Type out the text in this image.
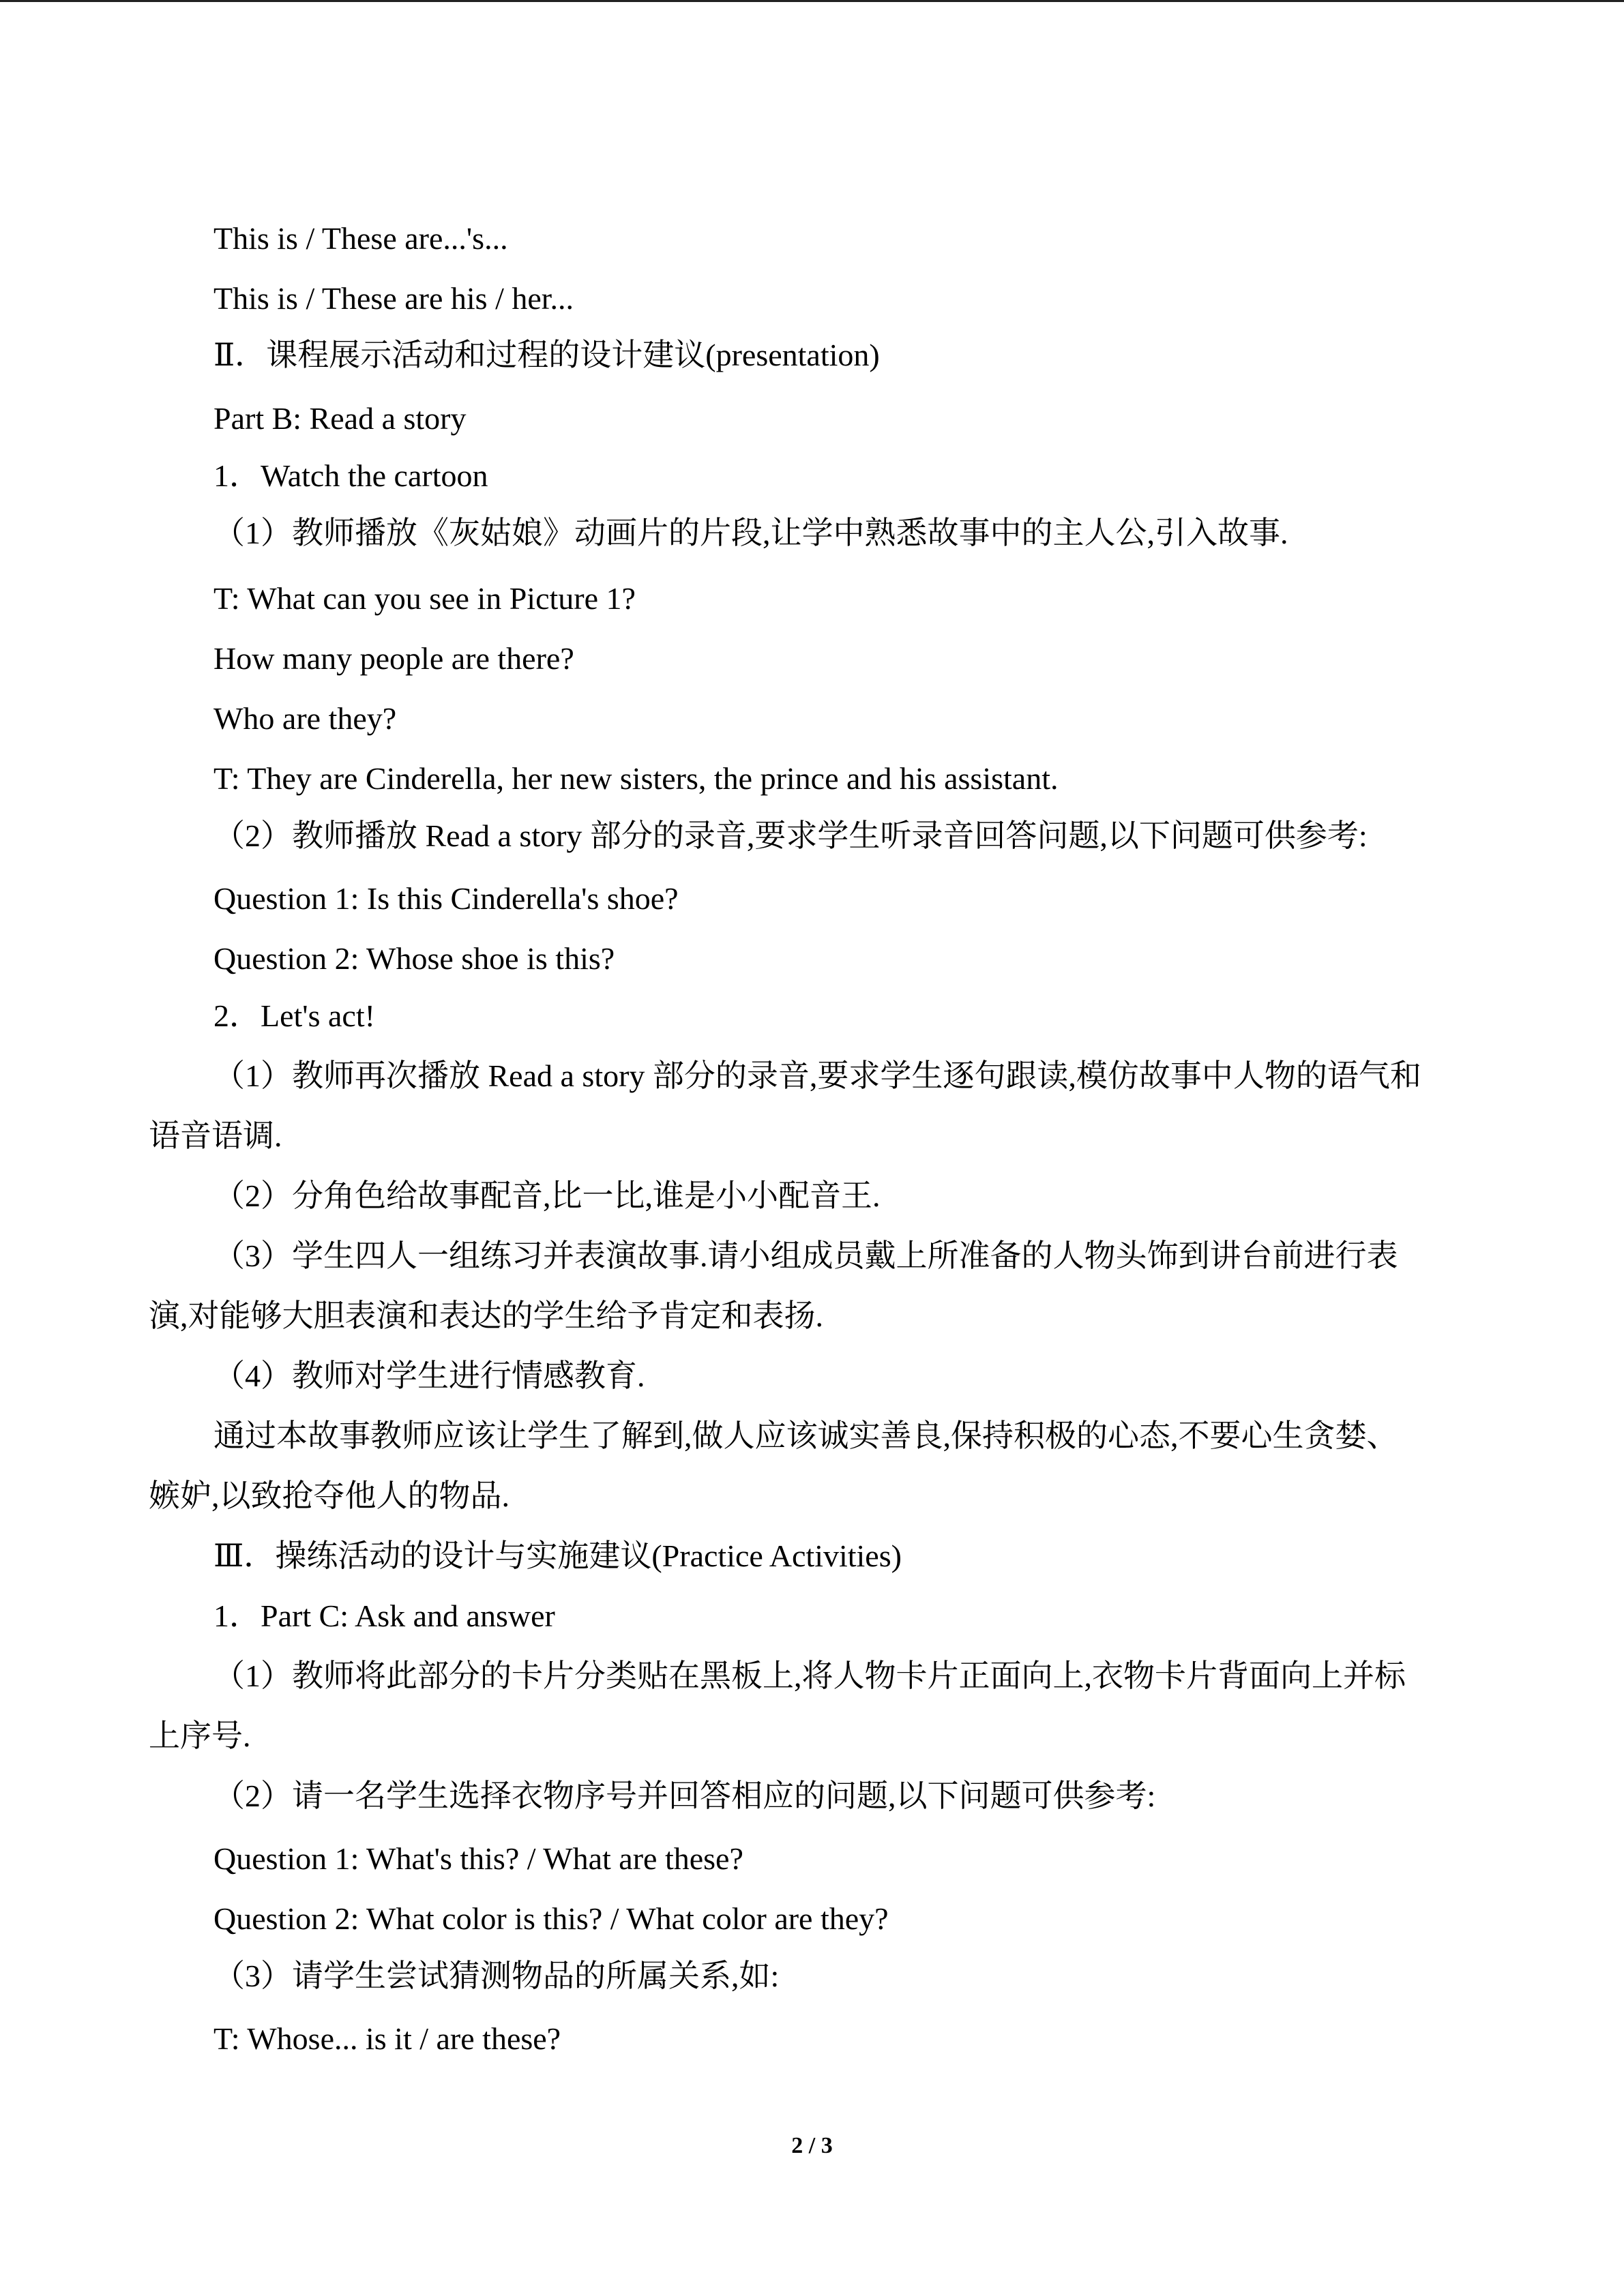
This is / These are...'s...
This is / These are his / her...
Ⅱ．课程展示活动和过程的设计建议(presentation)
Part B: Read a story
1．Watch the cartoon
（1）教师播放《灰姑娘》动画片的片段,让学中熟悉故事中的主人公,引入故事.
T: What can you see in Picture 1?
How many people are there?
Who are they?
T: They are Cinderella, her new sisters, the prince and his assistant.
（2）教师播放 Read a story 部分的录音,要求学生听录音回答问题,以下问题可供参考:
Question 1: Is this Cinderella's shoe?
Question 2: Whose shoe is this?
2．Let's act!
（1）教师再次播放 Read a story 部分的录音,要求学生逐句跟读,模仿故事中人物的语气和
语音语调.
（2）分角色给故事配音,比一比,谁是小小配音王.
（3）学生四人一组练习并表演故事.请小组成员戴上所准备的人物头饰到讲台前进行表
演,对能够大胆表演和表达的学生给予肯定和表扬.
（4）教师对学生进行情感教育.
通过本故事教师应该让学生了解到,做人应该诚实善良,保持积极的心态,不要心生贪婪、
嫉妒,以致抢夺他人的物品.
Ⅲ．操练活动的设计与实施建议(Practice Activities)
1．Part C: Ask and answer
（1）教师将此部分的卡片分类贴在黑板上,将人物卡片正面向上,衣物卡片背面向上并标
上序号.
（2）请一名学生选择衣物序号并回答相应的问题,以下问题可供参考:
Question 1: What's this? / What are these?
Question 2: What color is this? / What color are they?
（3）请学生尝试猜测物品的所属关系,如:
T: Whose... is it / are these?
2 / 3
